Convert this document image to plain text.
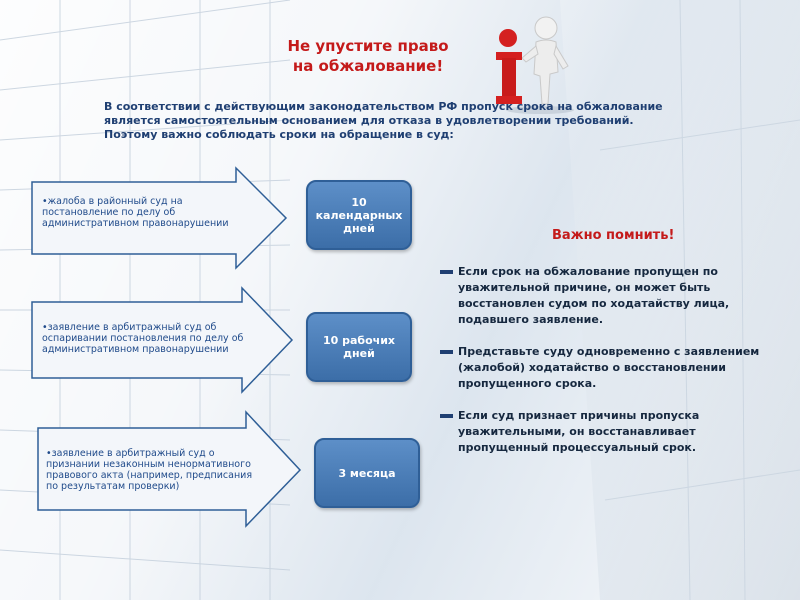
Не упустите право
на обжалование!
В соответствии с действующим законодательством РФ пропуск срока на обжалование
является самостоятельным основанием для отказа в удовлетворении требований.
Поэтому важно соблюдать сроки на обращение в суд:
•жалоба в районный суд на
постановление по делу об
административном правонарушении
10
календарных
дней
•заявление в арбитражный суд об
оспаривании постановления по делу об
административном правонарушении
10 рабочих
дней
•заявление в арбитражный суд о
признании незаконным ненормативного
правового акта (например, предписания
по результатам проверки)
3 месяца
Важно помнить!
Если срок на обжалование пропущен по
уважительной причине, он может быть
восстановлен судом по ходатайству лица,
подавшего заявление.
Представьте суду одновременно с заявлением
(жалобой) ходатайство о восстановлении
пропущенного срока.
Если суд признает причины пропуска
уважительными, он восстанавливает
пропущенный процессуальный срок.
